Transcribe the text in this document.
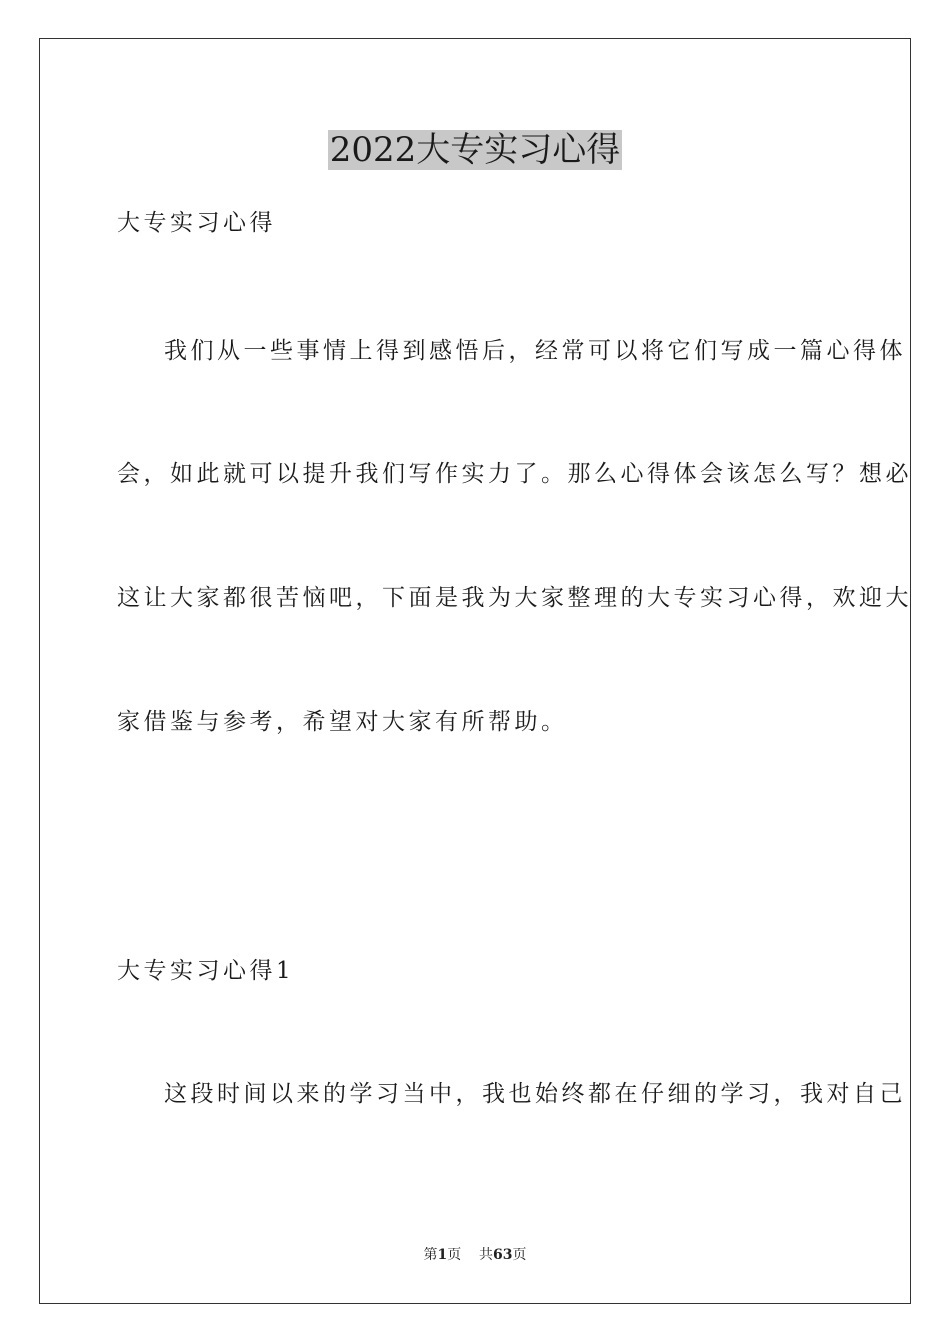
2022大专实习心得
大专实习心得
我们从一些事情上得到感悟后，经常可以将它们写成一篇心得体
会，如此就可以提升我们写作实力了。那么心得体会该怎么写？想必
这让大家都很苦恼吧，下面是我为大家整理的大专实习心得，欢迎大
家借鉴与参考，希望对大家有所帮助。
大专实习心得1
这段时间以来的学习当中，我也始终都在仔细的学习，我对自己
第1页 共63页
